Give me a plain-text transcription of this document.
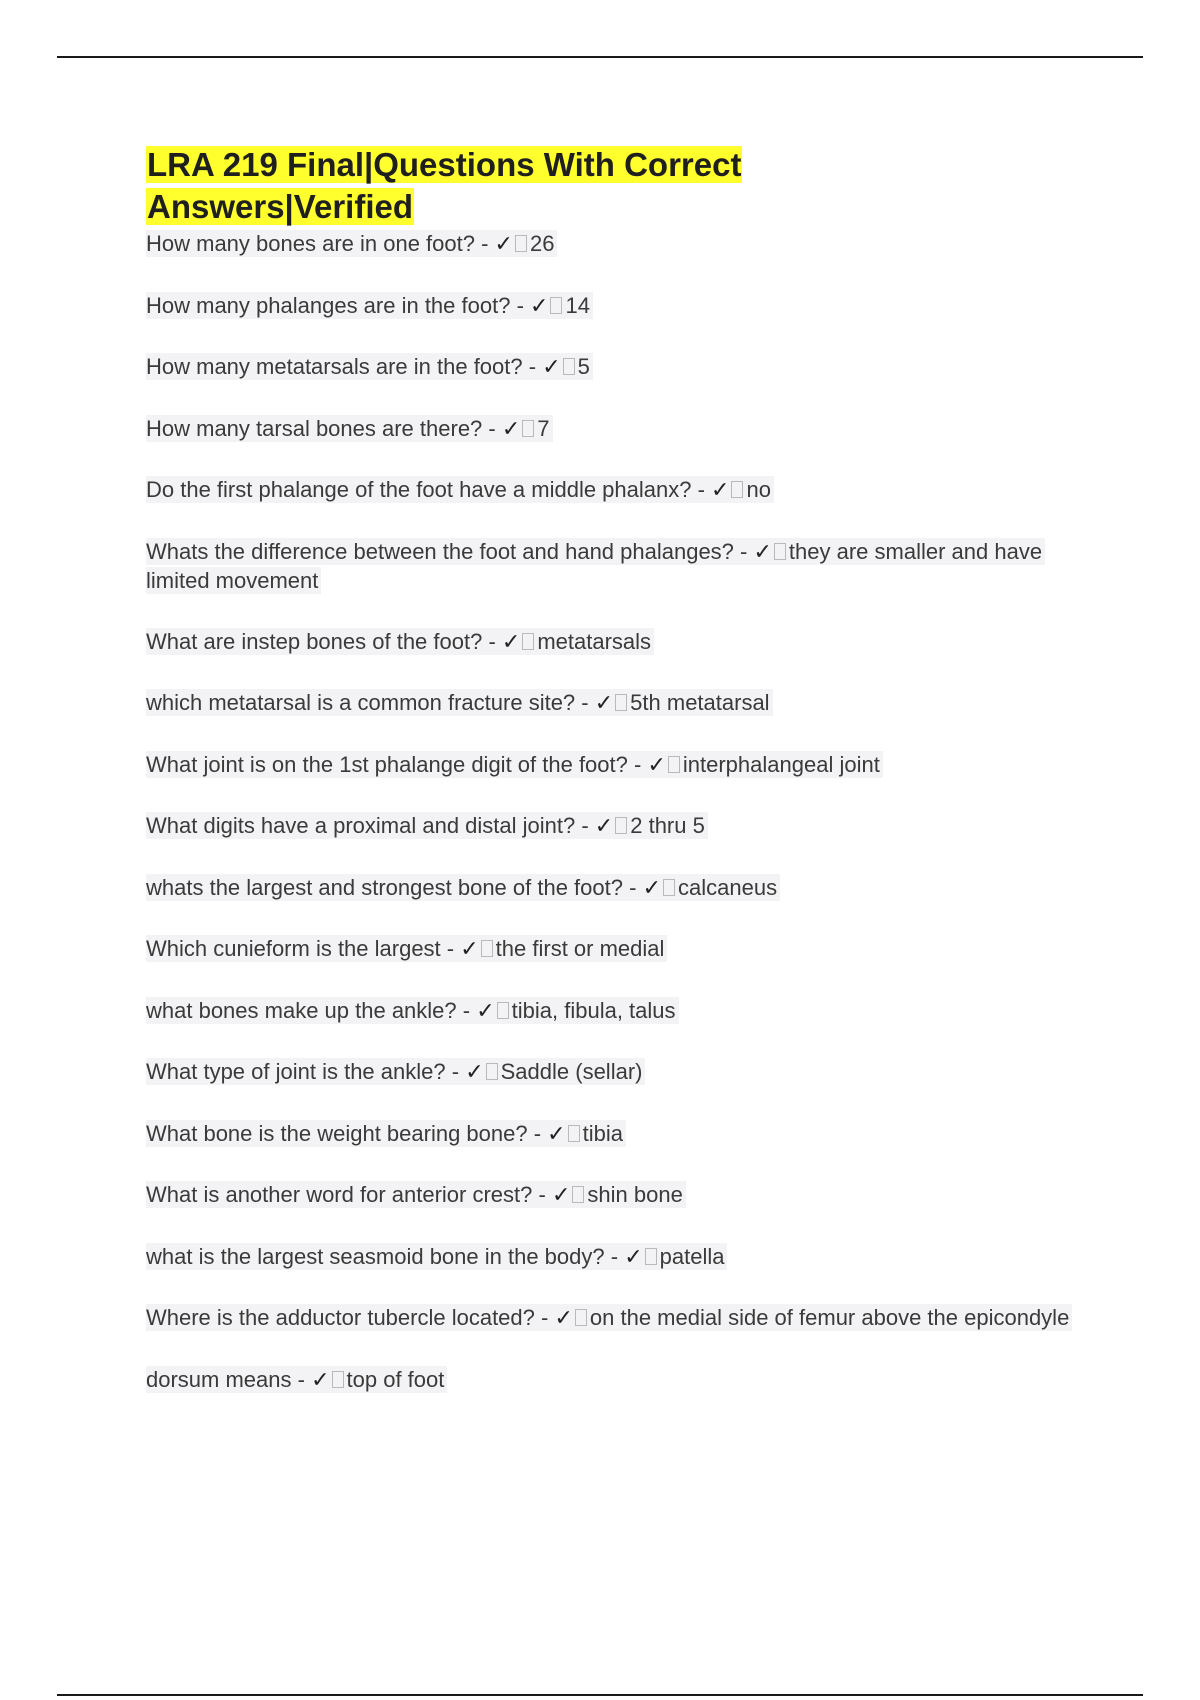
LRA 219 Final|Questions With Correct
Answers|Verified
How many bones are in one foot? - ✓ 26
How many phalanges are in the foot? - ✓ 14
How many metatarsals are in the foot? - ✓ 5
How many tarsal bones are there? - ✓ 7
Do the first phalange of the foot have a middle phalanx? - ✓ no
Whats the difference between the foot and hand phalanges? - ✓ they are smaller and have limited movement
What are instep bones of the foot? - ✓ metatarsals
which metatarsal is a common fracture site? - ✓ 5th metatarsal
What joint is on the 1st phalange digit of the foot? - ✓ interphalangeal joint
What digits have a proximal and distal joint? - ✓ 2 thru 5
whats the largest and strongest bone of the foot? - ✓ calcaneus
Which cunieform is the largest - ✓ the first or medial
what bones make up the ankle? - ✓ tibia, fibula, talus
What type of joint is the ankle? - ✓ Saddle (sellar)
What bone is the weight bearing bone? - ✓ tibia
What is another word for anterior crest? - ✓ shin bone
what is the largest seasmoid bone in the body? - ✓ patella
Where is the adductor tubercle located? - ✓ on the medial side of femur above the epicondyle
dorsum means - ✓ top of foot
